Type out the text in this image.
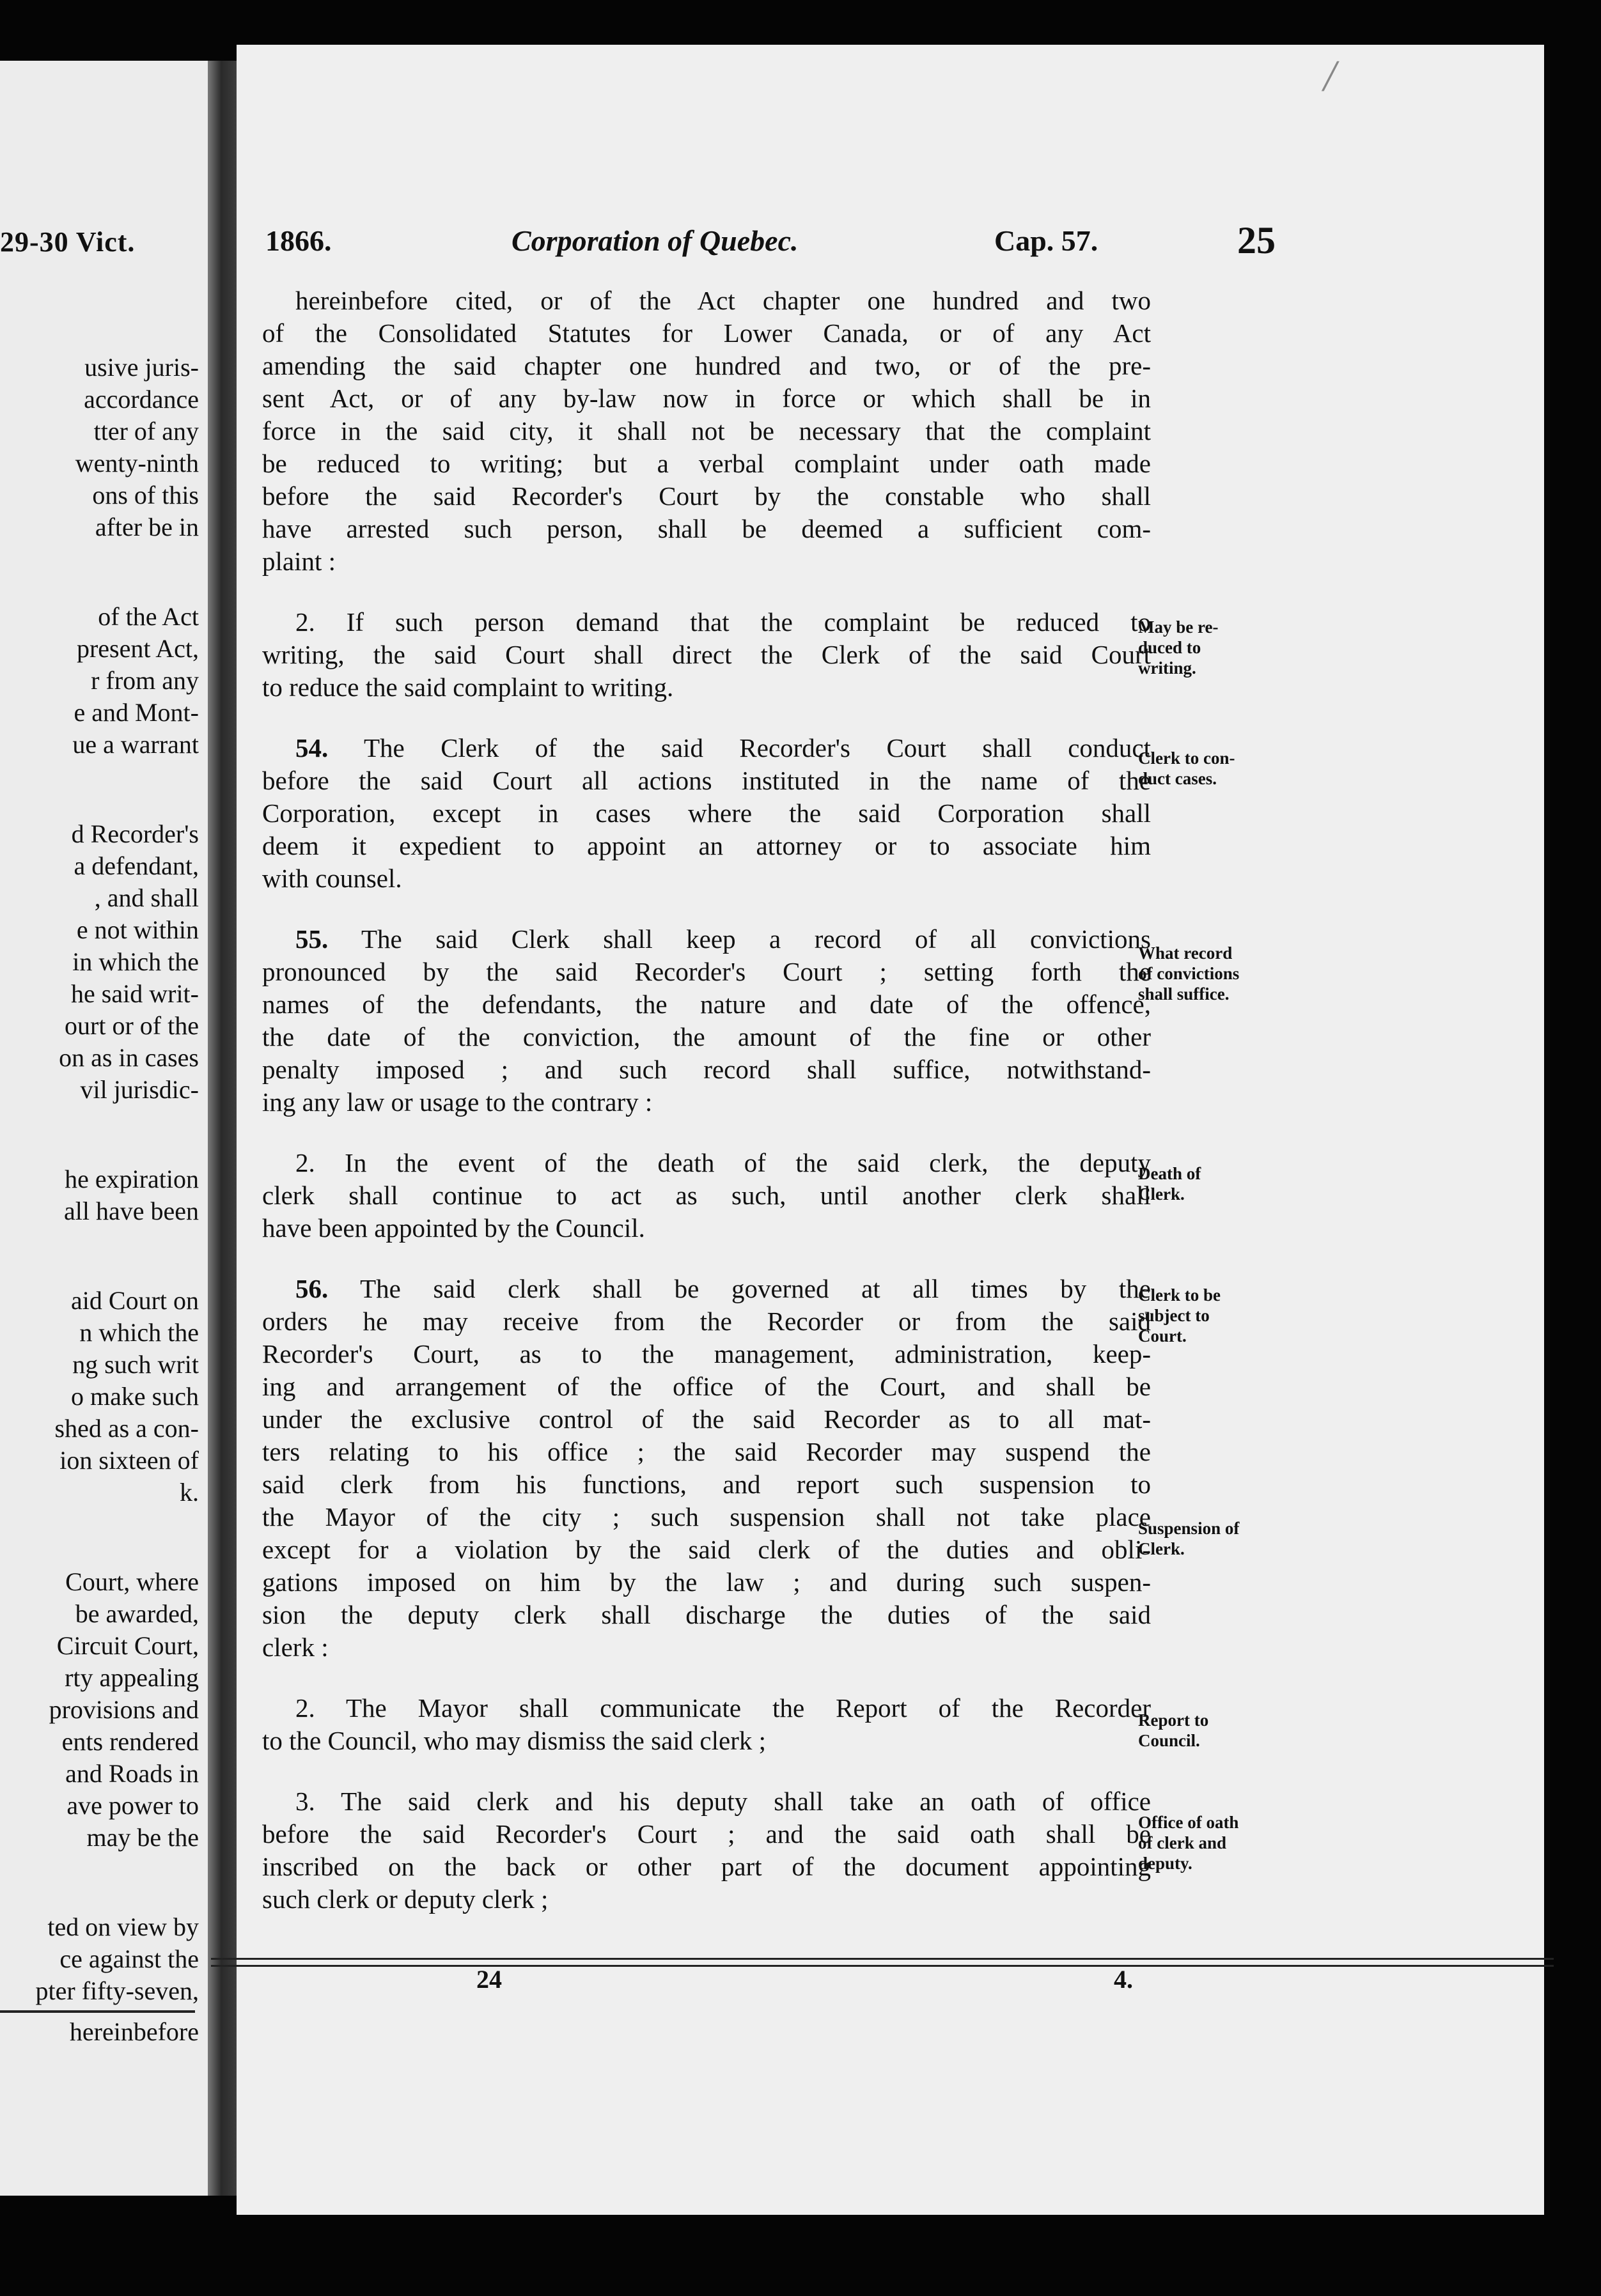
29-30 Vict.
usive juris-
accordance
tter of any
wenty-ninth
ons of this
after be in
of the Act
present Act,
r from any
e and Mont-
ue a warrant
d Recorder's
a defendant,
, and shall
e not within
in which the
he said writ-
ourt or of the
on as in cases
vil jurisdic-
he expiration
all have been
aid Court on
n which the
ng such writ
o make such
shed as a con-
ion sixteen of
k.
Court, where
be awarded,
Circuit Court,
rty appealing
provisions and
ents rendered
and Roads in
ave power to
may be the
ted on view by
ce against the
pter fifty-seven,
hereinbefore
/
1866.	Corporation of Quebec.	Cap. 57.	25
hereinbefore cited, or of the Act chapter one hundred and two
of the Consolidated Statutes for Lower Canada, or of any Act
amending the said chapter one hundred and two, or of the pre-
sent Act, or of any by-law now in force or which shall be in
force in the said city, it shall not be necessary that the complaint
be reduced to writing; but a verbal complaint under oath made
before the said Recorder's Court by the constable who shall
have arrested such person, shall be deemed a sufficient com-
plaint :
2. If such person demand that the complaint be reduced to
writing, the said Court shall direct the Clerk of the said Court
to reduce the said complaint to writing.
54. The Clerk of the said Recorder's Court shall conduct
before the said Court all actions instituted in the name of the
Corporation, except in cases where the said Corporation shall
deem it expedient to appoint an attorney or to associate him
with counsel.
55. The said Clerk shall keep a record of all convictions
pronounced by the said Recorder's Court ; setting forth the
names of the defendants, the nature and date of the offence,
the date of the conviction, the amount of the fine or other
penalty imposed ; and such record shall suffice, notwithstand-
ing any law or usage to the contrary :
2. In the event of the death of the said clerk, the deputy
clerk shall continue to act as such, until another clerk shall
have been appointed by the Council.
56. The said clerk shall be governed at all times by the
orders he may receive from the Recorder or from the said
Recorder's Court, as to the management, administration, keep-
ing and arrangement of the office of the Court, and shall be
under the exclusive control of the said Recorder as to all mat-
ters relating to his office ; the said Recorder may suspend the
said clerk from his functions, and report such suspension to
the Mayor of the city ; such suspension shall not take place
except for a violation by the said clerk of the duties and obli-
gations imposed on him by the law ; and during such suspen-
sion the deputy clerk shall discharge the duties of the said
clerk :
2. The Mayor shall communicate the Report of the Recorder
to the Council, who may dismiss the said clerk ;
3. The said clerk and his deputy shall take an oath of office
before the said Recorder's Court ; and the said oath shall be
inscribed on the back or other part of the document appointing
such clerk or deputy clerk ;
May be re-
duced to
writing.
Clerk to con-
duct cases.
What record
of convictions
shall suffice.
Death of
Clerk.
Clerk to be
subject to
Court.
Suspension of
Clerk.
Report to
Council.
Office of oath
of clerk and
deputy.
24	4.
